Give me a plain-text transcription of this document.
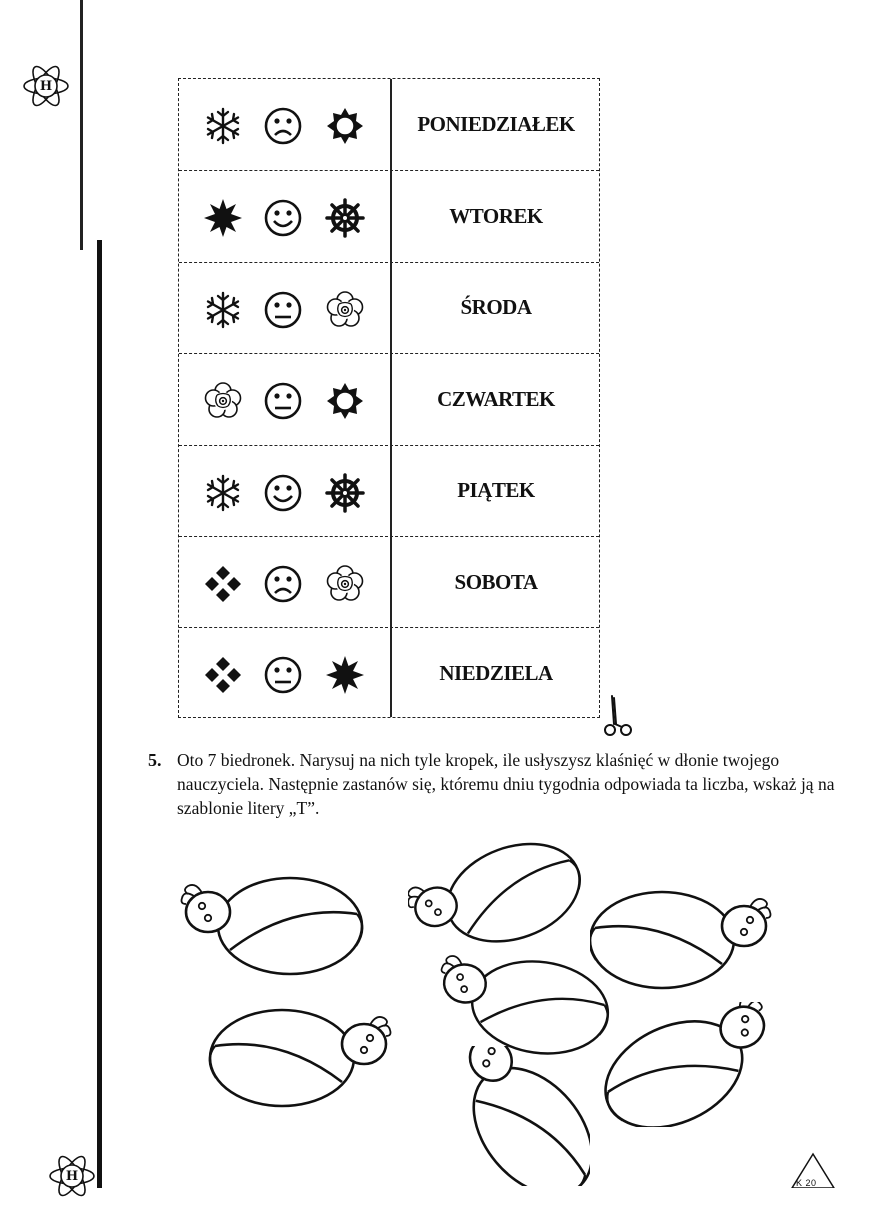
H
H
PONIEDZIAŁEK
WTOREK
ŚRODA
CZWARTEK
PIĄTEK
SOBOTA
NIEDZIELA
5. Oto 7 biedronek. Narysuj na nich tyle kropek, ile usłyszysz klaśnięć w dłonie twojego nauczyciela. Następnie zastanów się, któremu dniu tygodnia odpowiada ta liczba, wskaż ją na szablonie litery „T”.
K 20
